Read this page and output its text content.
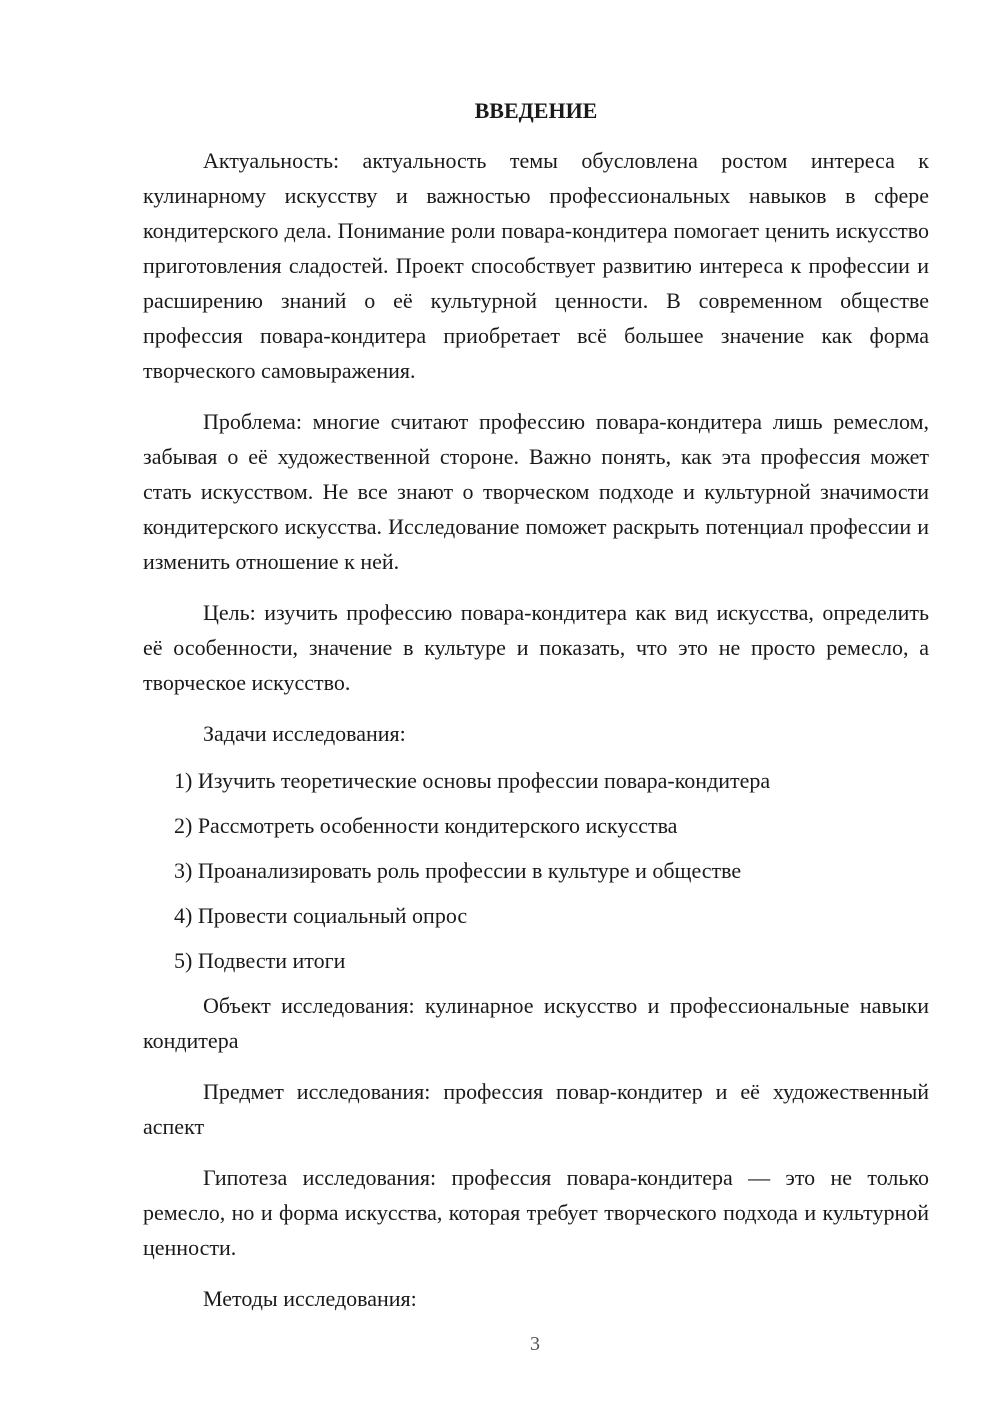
ВВЕДЕНИЕ

Актуальность: актуальность темы обусловлена ростом интереса к кулинарному искусству и важностью профессиональных навыков в сфере кондитерского дела. Понимание роли повара-кондитера помогает ценить искусство приготовления сладостей. Проект способствует развитию интереса к профессии и расширению знаний о её культурной ценности. В современном обществе профессия повара-кондитера приобретает всё большее значение как форма творческого самовыражения.

Проблема: многие считают профессию повара-кондитера лишь ремеслом, забывая о её художественной стороне. Важно понять, как эта профессия может стать искусством. Не все знают о творческом подходе и культурной значимости кондитерского искусства. Исследование поможет раскрыть потенциал профессии и изменить отношение к ней.

Цель: изучить профессию повара-кондитера как вид искусства, определить её особенности, значение в культуре и показать, что это не просто ремесло, а творческое искусство.

Задачи исследования:

1) Изучить теоретические основы профессии повара-кондитера
2) Рассмотреть особенности кондитерского искусства
3) Проанализировать роль профессии в культуре и обществе
4) Провести социальный опрос
5) Подвести итоги

Объект исследования: кулинарное искусство и профессиональные навыки кондитера

Предмет исследования: профессия повар-кондитер и её художественный аспект

Гипотеза исследования: профессия повара-кондитера — это не только ремесло, но и форма искусства, которая требует творческого подхода и культурной ценности.

Методы исследования:

3
